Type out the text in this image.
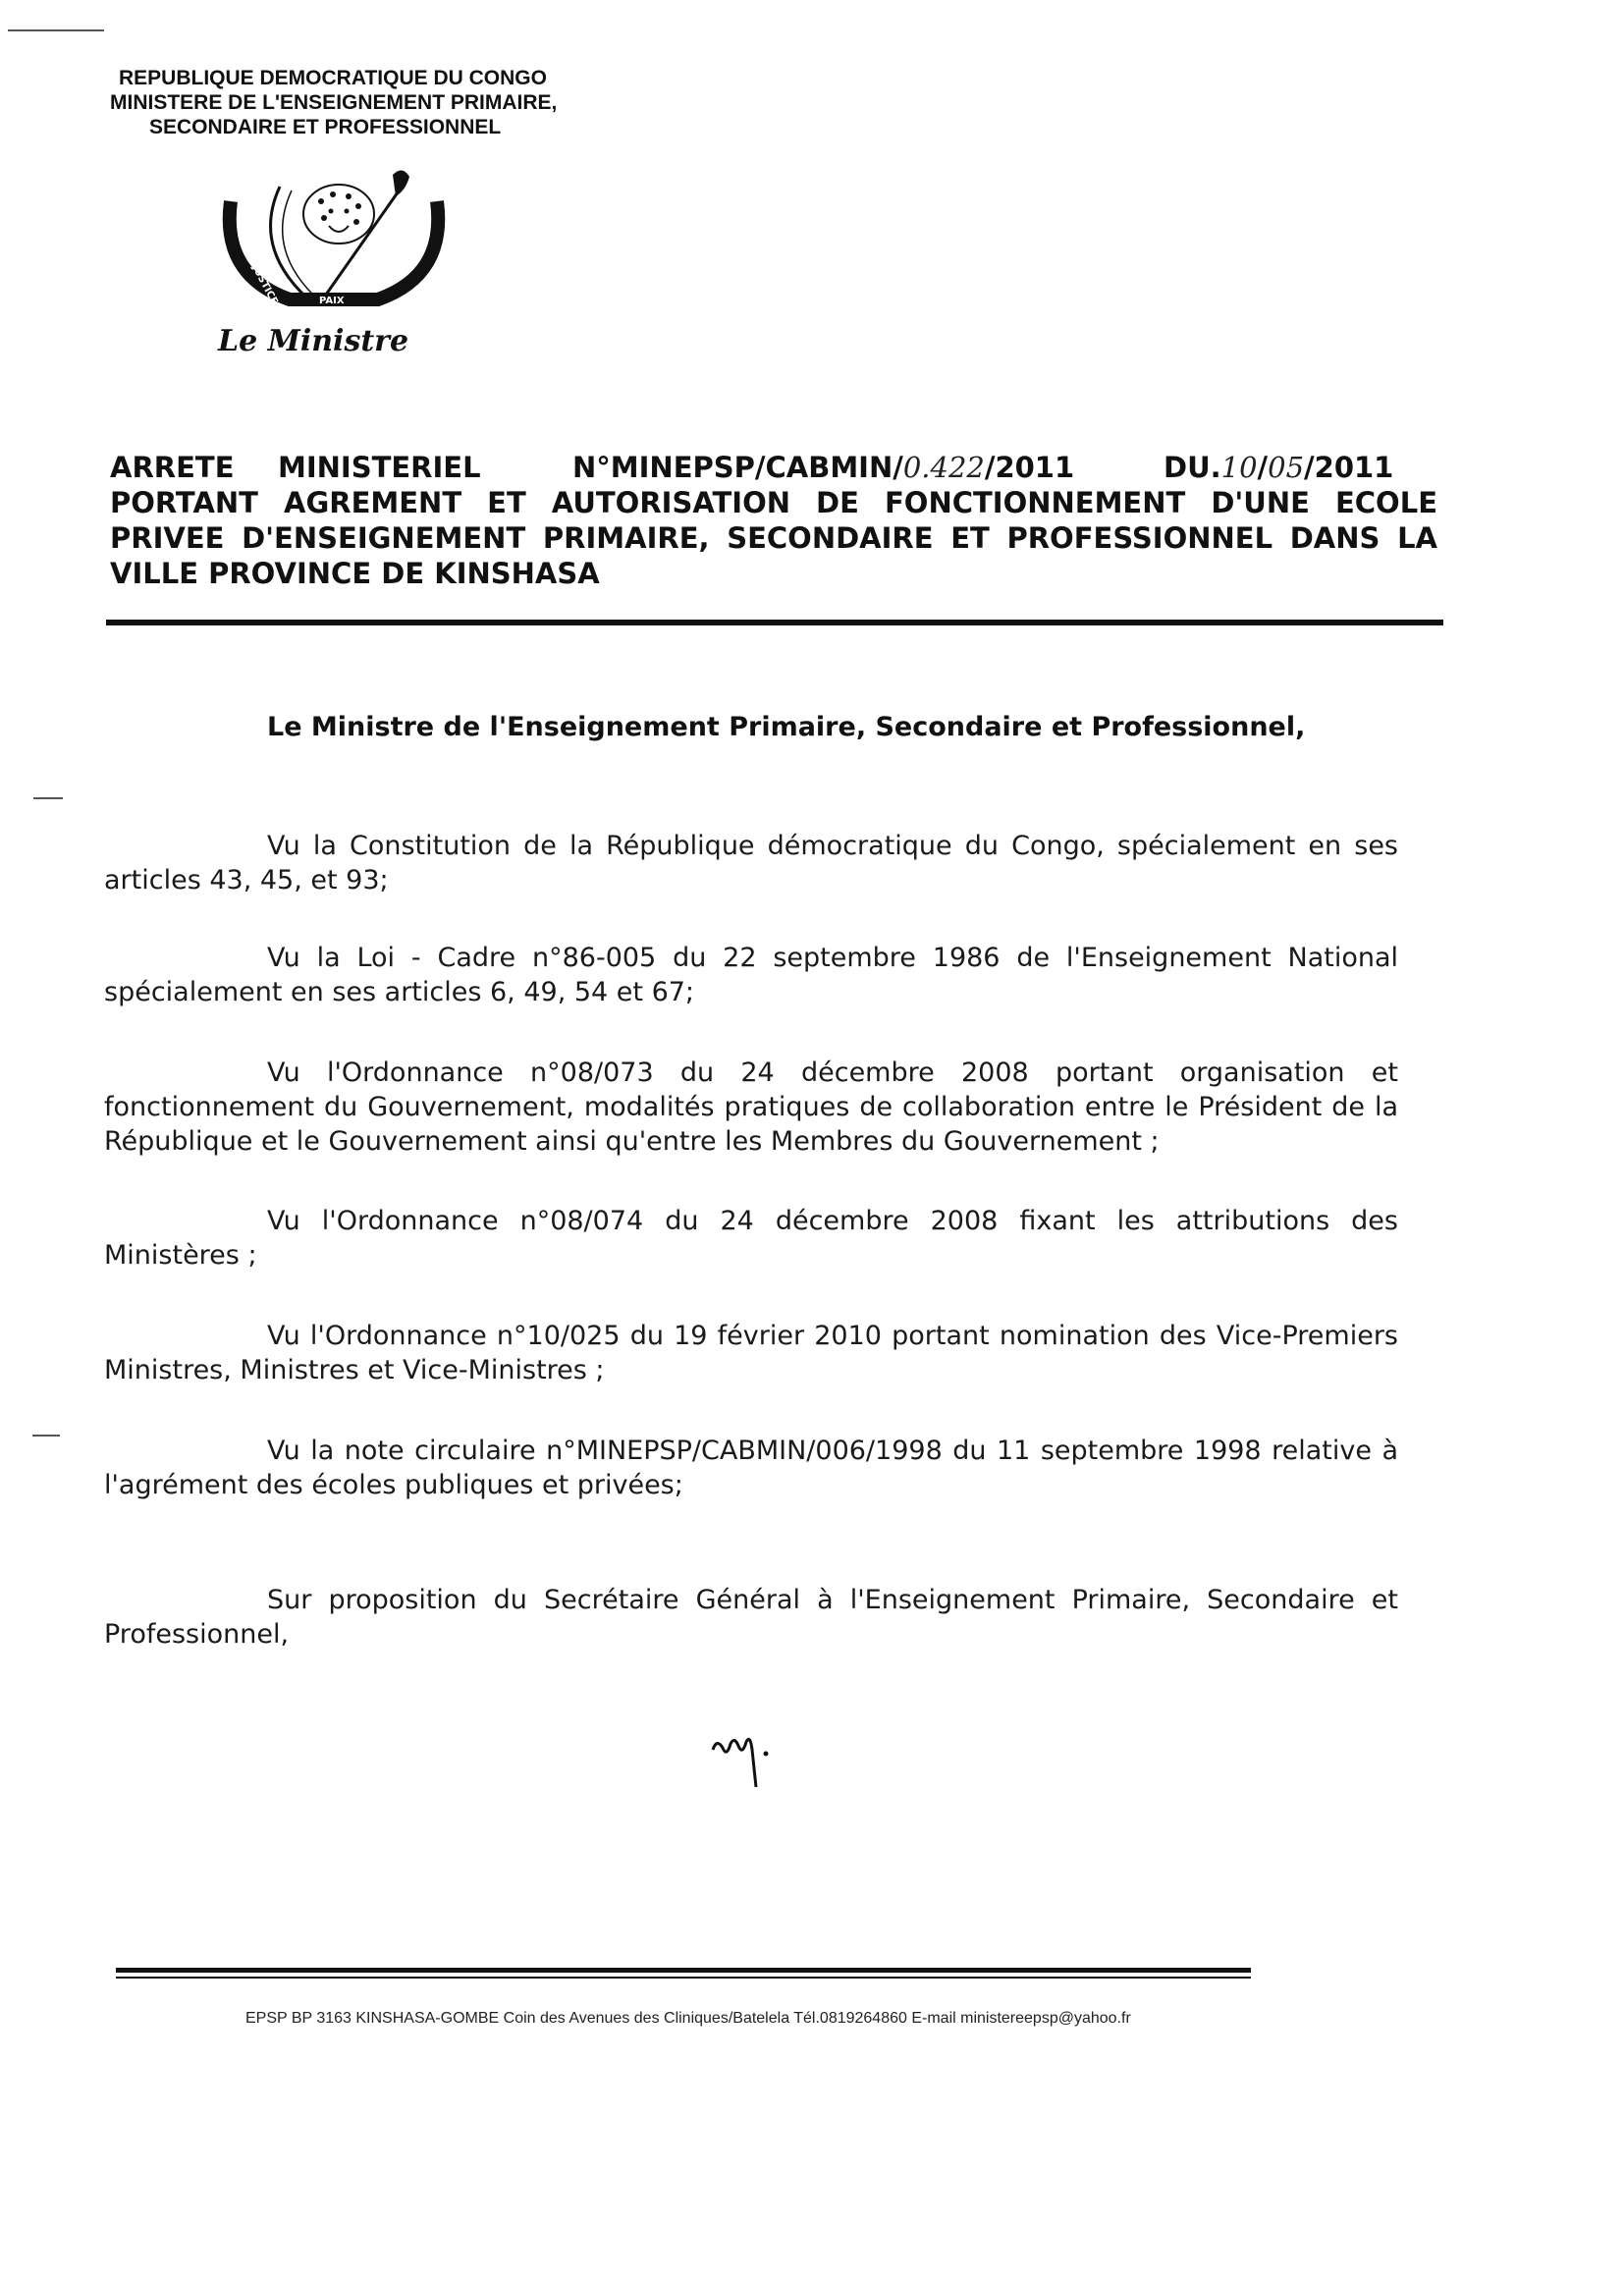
REPUBLIQUE DEMOCRATIQUE DU CONGO
MINISTERE DE L'ENSEIGNEMENT PRIMAIRE,
SECONDAIRE ET PROFESSIONNEL
JUSTICE	PAIX
TRAVAIL
Le Ministre
ARRETE MINISTERIEL	N°MINEPSP/CABMIN/0.422/2011	DU.10/05/2011
PORTANT AGREMENT ET AUTORISATION DE FONCTIONNEMENT D'UNE ECOLE
PRIVEE D'ENSEIGNEMENT PRIMAIRE, SECONDAIRE ET PROFESSIONNEL DANS LA
VILLE PROVINCE DE KINSHASA
Le Ministre de l'Enseignement Primaire, Secondaire et Professionnel,
Vu la Constitution de la République démocratique du Congo, spécialement en ses articles 43, 45, et 93;
Vu la Loi - Cadre n°86-005 du 22 septembre 1986 de l'Enseignement National spécialement en ses articles 6, 49, 54 et 67;
Vu l'Ordonnance n°08/073 du 24 décembre 2008 portant organisation et fonctionnement du Gouvernement, modalités pratiques de collaboration entre le Président de la République et le Gouvernement ainsi qu'entre les Membres du Gouvernement ;
Vu l'Ordonnance n°08/074 du 24 décembre 2008 fixant les attributions des Ministères ;
Vu l'Ordonnance n°10/025 du 19 février 2010 portant nomination des Vice-Premiers Ministres, Ministres et Vice-Ministres ;
Vu la note circulaire n°MINEPSP/CABMIN/006/1998 du 11 septembre 1998 relative à l'agrément des écoles publiques et privées;
Sur proposition du Secrétaire Général à l'Enseignement Primaire, Secondaire et Professionnel,
EPSP BP 3163 KINSHASA-GOMBE Coin des Avenues des Cliniques/Batelela Tél.0819264860 E-mail ministereepsp@yahoo.fr
